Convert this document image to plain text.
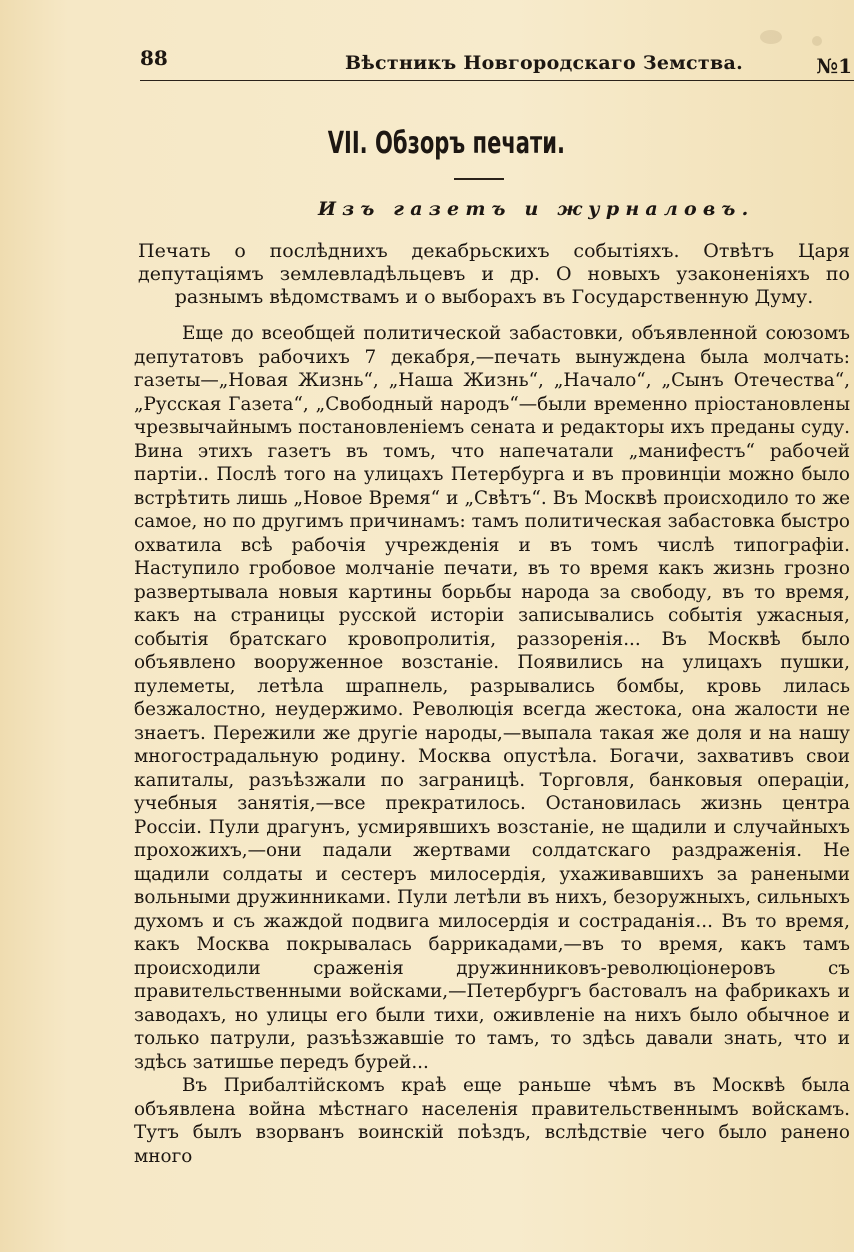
88	Вѣстникъ Новгородскаго Земства.	№1
VII. Обзоръ печати.
Изъ газетъ и журналовъ.
Печать о послѣднихъ декабрьскихъ событіяхъ. Отвѣтъ Царя депутаціямъ землевладѣльцевъ и др. О новыхъ узаконеніяхъ по разнымъ вѣдомствамъ и о выборахъ въ Государственную Думу.

Еще до всеобщей политической забастовки, объявленной союзомъ депутатовъ рабочихъ 7 декабря,—печать вынуждена была молчать: газеты—„Новая Жизнь“, „Наша Жизнь“, „Начало“, „Сынъ Отечества“, „Русская Газета“, „Свободный народъ“—были временно пріостановлены чрезвычайнымъ постановленіемъ сената и редакторы ихъ преданы суду. Вина этихъ газетъ въ томъ, что напечатали „манифестъ“ рабочей партіи.. Послѣ того на улицахъ Петербурга и въ провинціи можно было встрѣтить лишь „Новое Время“ и „Свѣтъ“. Въ Москвѣ происходило то же самое, но по другимъ причинамъ: тамъ политическая забастовка быстро охватила всѣ рабочія учрежденія и въ томъ числѣ типографіи. Наступило гробовое молчаніе печати, въ то время какъ жизнь грозно развертывала новыя картины борьбы народа за свободу, въ то время, какъ на страницы русской исторіи записывались событія ужасныя, событія братскаго кровопролитія, раззоренія... Въ Москвѣ было объявлено вооруженное возстаніе. Появились на улицахъ пушки, пулеметы, летѣла шрапнель, разрывались бомбы, кровь лилась безжалостно, неудержимо. Революція всегда жестока, она жалости не знаетъ. Пережили же другіе народы,—выпала такая же доля и на нашу многострадальную родину. Москва опустѣла. Богачи, захвативъ свои капиталы, разъѣзжали по заграницѣ. Торговля, банковыя операціи, учебныя занятія,—все прекратилось. Остановилась жизнь центра Россіи. Пули драгунъ, усмирявшихъ возстаніе, не щадили и случайныхъ прохожихъ,—они падали жертвами солдатскаго раздраженія. Не щадили солдаты и сестеръ милосердія, ухаживавшихъ за ранеными вольными дружинниками. Пули летѣли въ нихъ, безоружныхъ, сильныхъ духомъ и съ жаждой подвига милосердія и состраданія... Въ то время, какъ Москва покрывалась баррикадами,—въ то время, какъ тамъ происходили сраженія дружинниковъ-революціонеровъ съ правительственными войсками,—Петербургъ бастовалъ на фабрикахъ и заводахъ, но улицы его были тихи, оживленіе на нихъ было обычное и только патрули, разъѣзжавшіе то тамъ, то здѣсь давали знать, что и здѣсь затишье передъ бурей...

Въ Прибалтійскомъ краѣ еще раньше чѣмъ въ Москвѣ была объявлена война мѣстнаго населенія правительственнымъ войскамъ. Тутъ былъ взорванъ воинскій поѣздъ, вслѣдствіе чего было ранено много
